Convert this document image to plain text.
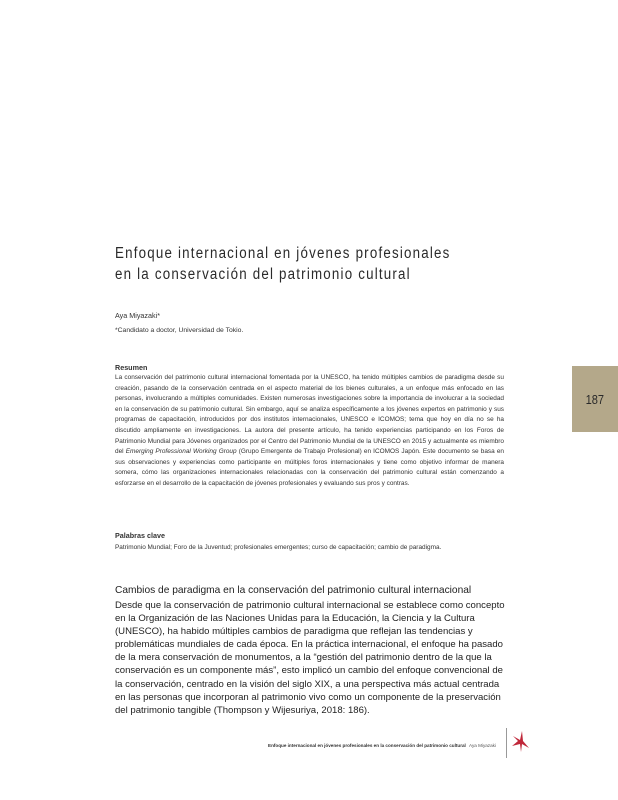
Enfoque internacional en jóvenes profesionales en la conservación del patrimonio cultural
Aya Miyazaki*
*Candidato a doctor, Universidad de Tokio.
Resumen

La conservación del patrimonio cultural internacional fomentada por la UNESCO, ha tenido múltiples cambios de paradigma desde su creación, pasando de la conservación centrada en el aspecto material de los bienes culturales, a un enfoque más enfocado en las personas, involucrando a múltiples comunidades. Existen numerosas investigaciones sobre la importancia de involucrar a la sociedad en la conservación de su patrimonio cultural. Sin embargo, aquí se analiza específicamente a los jóvenes expertos en patrimonio y sus programas de capacitación, introducidos por dos institutos internacionales, UNESCO e ICOMOS; tema que hoy en día no se ha discutido ampliamente en investigaciones. La autora del presente artículo, ha tenido experiencias participando en los Foros de Patrimonio Mundial para Jóvenes organizados por el Centro del Patrimonio Mundial de la UNESCO en 2015 y actualmente es miembro del Emerging Professional Working Group (Grupo Emergente de Trabajo Profesional) en ICOMOS Japón. Este documento se basa en sus observaciones y experiencias como participante en múltiples foros internacionales y tiene como objetivo informar de manera somera, cómo las organizaciones internacionales relacionadas con la conservación del patrimonio cultural están comenzando a esforzarse en el desarrollo de la capacitación de jóvenes profesionales y evaluando sus pros y contras.

Palabras clave
Patrimonio Mundial; Foro de la Juventud; profesionales emergentes; curso de capacitación; cambio de paradigma.
Cambios de paradigma en la conservación del patrimonio cultural internacional

Desde que la conservación de patrimonio cultural internacional se establece como concepto en la Organización de las Naciones Unidas para la Educación, la Ciencia y la Cultura (UNESCO), ha habido múltiples cambios de paradigma que reflejan las tendencias y problemáticas mundiales de cada época. En la práctica internacional, el enfoque ha pasado de la mera conservación de monumentos, a la “gestión del patrimonio dentro de la que la conservación es un componente más”, esto implicó un cambio del enfoque convencional de la conservación, centrado en la visión del siglo XIX, a una perspectiva más actual centrada en las personas que incorporan al patrimonio vivo como un componente de la preservación del patrimonio tangible (Thompson y Wijesuriya, 2018: 186).

187
Enfoque internacional en jóvenes profesionales en la conservación del patrimonio cultural Aya Miyazaki
